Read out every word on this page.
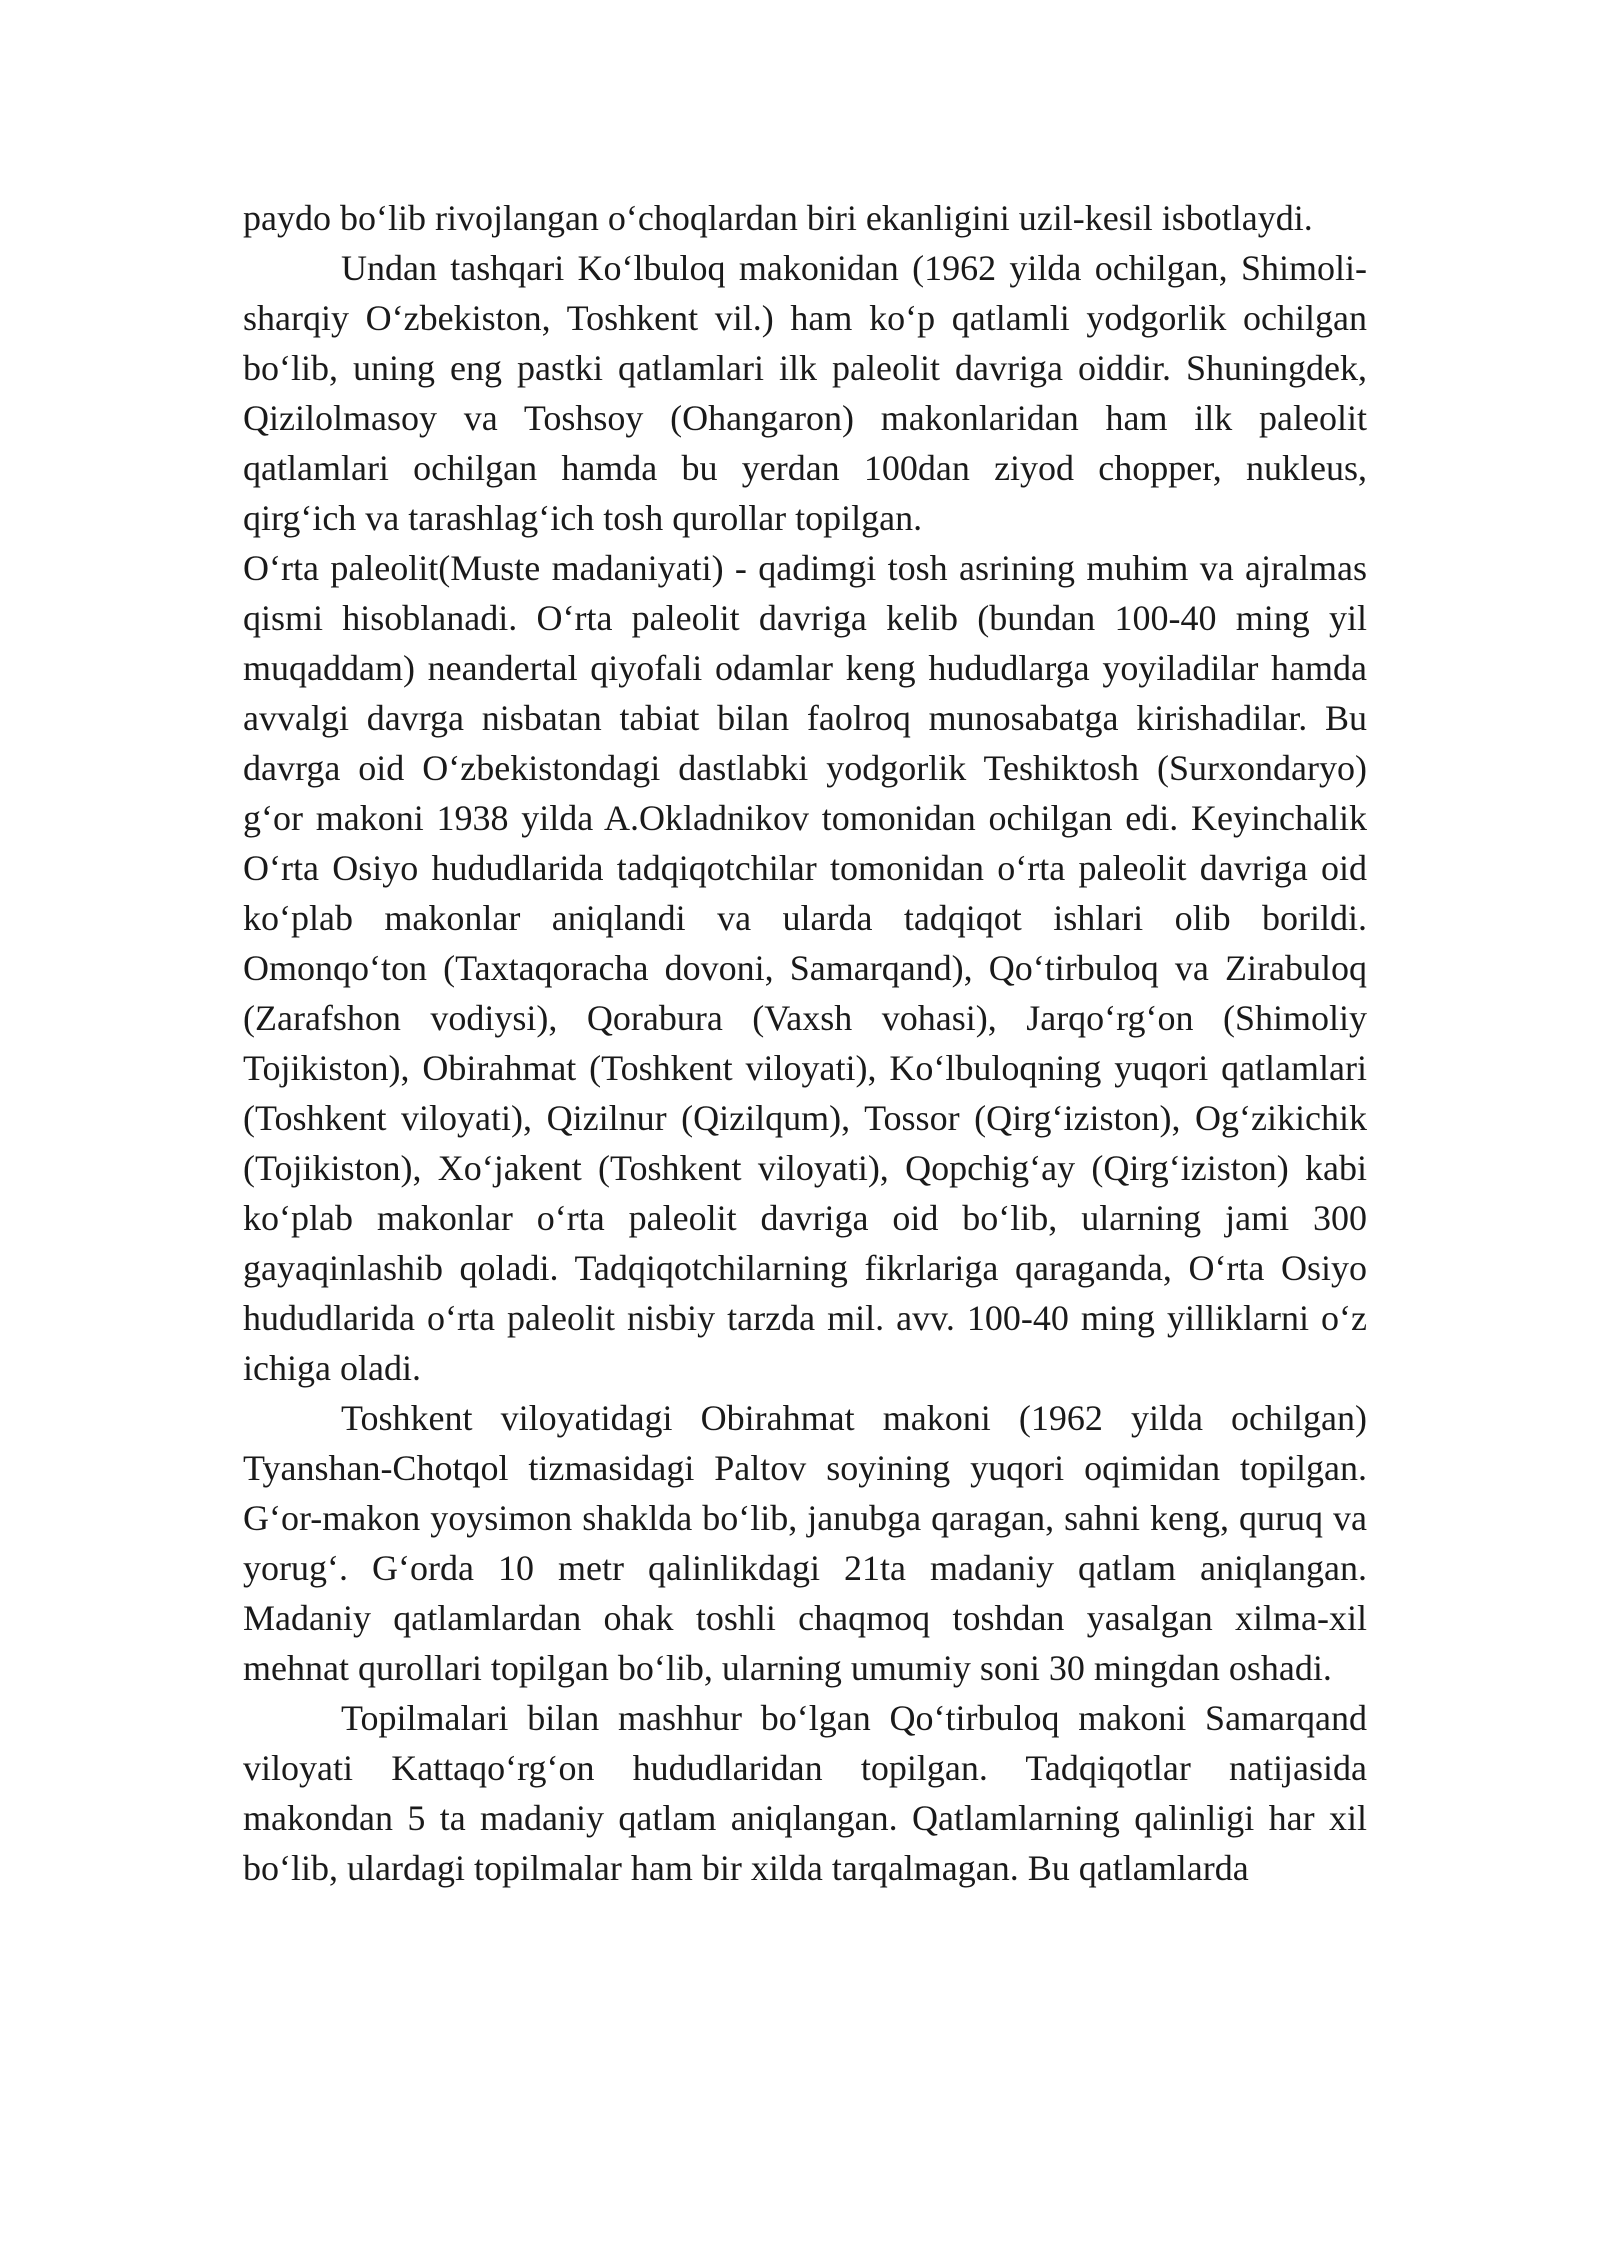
paydo boʻlib rivojlangan oʻchoqlardan biri ekanligini uzil-kesil isbotlaydi.

Undan tashqari Koʻlbuloq makonidan (1962 yilda ochilgan, Shimoli-sharqiy Oʻzbekiston, Toshkent vil.) ham koʻp qatlamli yodgorlik ochilgan boʻlib, uning eng pastki qatlamlari ilk paleolit davriga oiddir. Shuningdek, Qizilolmasoy va Toshsoy (Ohangaron) makonlaridan ham ilk paleolit qatlamlari ochilgan hamda bu yerdan 100dan ziyod chopper, nukleus, qirgʻich va tarashlagʻich tosh qurollar topilgan.

Oʻrta paleolit(Muste madaniyati) - qadimgi tosh asrining muhim va ajralmas qismi hisoblanadi. Oʻrta paleolit davriga kelib (bundan 100-40 ming yil muqaddam) neandertal qiyofali odamlar keng hududlarga yoyiladilar hamda avvalgi davrga nisbatan tabiat bilan faolroq munosabatga kirishadilar. Bu davrga oid Oʻzbekistondagi dastlabki yodgorlik Teshiktosh (Surxondaryo) gʻor makoni 1938 yilda A.Okladnikov tomonidan ochilgan edi. Keyinchalik Oʻrta Osiyo hududlarida tadqiqotchilar tomonidan oʻrta paleolit davriga oid koʻplab makonlar aniqlandi va ularda tadqiqot ishlari olib borildi. Omonqoʻton (Taxtaqoracha dovoni, Samarqand), Qoʻtirbuloq va Zirabuloq (Zarafshon vodiysi), Qorabura (Vaxsh vohasi), Jarqoʻrgʻon (Shimoliy Tojikiston), Obirahmat (Toshkent viloyati), Koʻlbuloqning yuqori qatlamlari (Toshkent viloyati), Qizilnur (Qizilqum), Tossor (Qirgʻiziston), Ogʻzikichik (Tojikiston), Xoʻjakent (Toshkent viloyati), Qopchigʻay (Qirgʻiziston) kabi koʻplab makonlar oʻrta paleolit davriga oid boʻlib, ularning jami 300 gayaqinlashib qoladi. Tadqiqotchilarning fikrlariga qaraganda, Oʻrta Osiyo hududlarida oʻrta paleolit nisbiy tarzda mil. avv. 100-40 ming yilliklarni oʻz ichiga oladi.

Toshkent viloyatidagi Obirahmat makoni (1962 yilda ochilgan) Tyanshan-Chotqol tizmasidagi Paltov soyining yuqori oqimidan topilgan. Gʻor-makon yoysimon shaklda boʻlib, janubga qaragan, sahni keng, quruq va yorugʻ. Gʻorda 10 metr qalinlikdagi 21ta madaniy qatlam aniqlangan. Madaniy qatlamlardan ohak toshli chaqmoq toshdan yasalgan xilma-xil mehnat qurollari topilgan boʻlib, ularning umumiy soni 30 mingdan oshadi.

Topilmalari bilan mashhur boʻlgan Qoʻtirbuloq makoni Samarqand viloyati Kattaqoʻrgʻon hududlaridan topilgan. Tadqiqotlar natijasida makondan 5 ta madaniy qatlam aniqlangan. Qatlamlarning qalinligi har xil boʻlib, ulardagi topilmalar ham bir xilda tarqalmagan. Bu qatlamlarda
